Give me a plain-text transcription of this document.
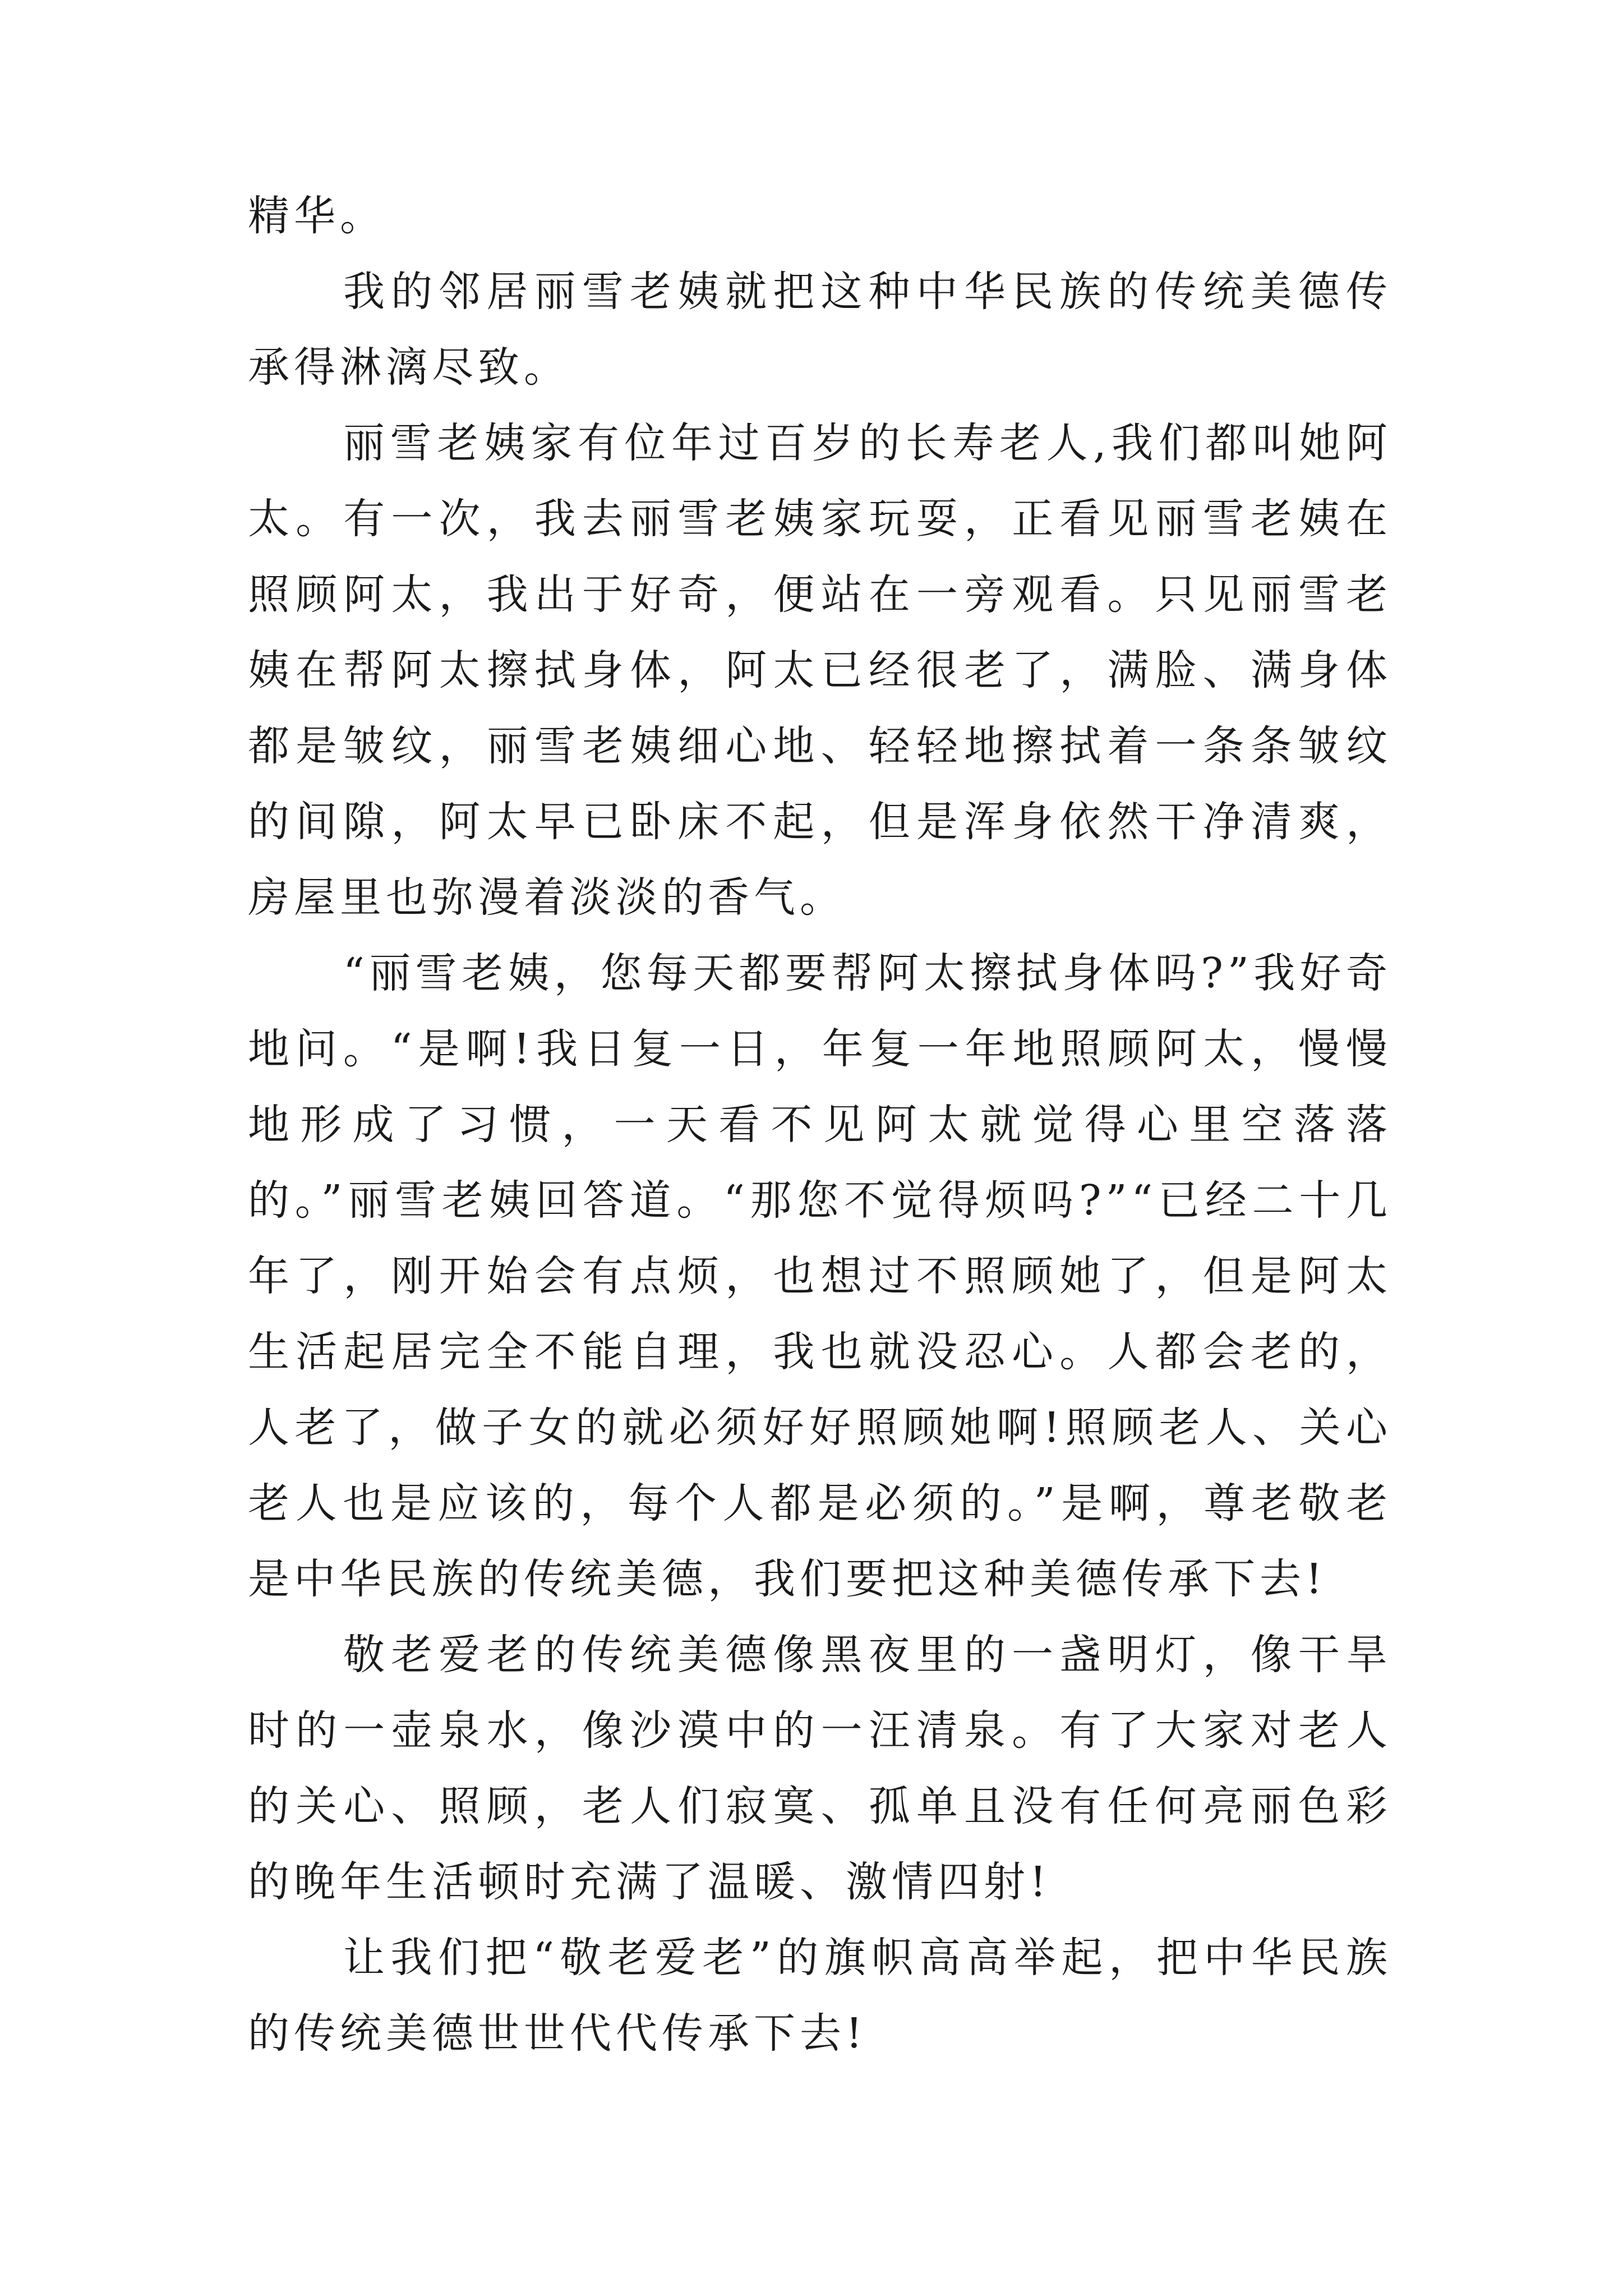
精华。

我的邻居丽雪老姨就把这种中华民族的传统美德传承得淋漓尽致。

丽雪老姨家有位年过百岁的长寿老人,我们都叫她阿太。有一次，我去丽雪老姨家玩耍，正看见丽雪老姨在照顾阿太，我出于好奇，便站在一旁观看。只见丽雪老姨在帮阿太擦拭身体，阿太已经很老了，满脸、满身体都是皱纹，丽雪老姨细心地、轻轻地擦拭着一条条皱纹的间隙，阿太早已卧床不起，但是浑身依然干净清爽，房屋里也弥漫着淡淡的香气。

“丽雪老姨，您每天都要帮阿太擦拭身体吗?”我好奇地问。“是啊!我日复一日，年复一年地照顾阿太，慢慢地形成了习惯，一天看不见阿太就觉得心里空落落的。”丽雪老姨回答道。“那您不觉得烦吗?”“已经二十几年了，刚开始会有点烦，也想过不照顾她了，但是阿太生活起居完全不能自理，我也就没忍心。人都会老的，人老了，做子女的就必须好好照顾她啊!照顾老人、关心老人也是应该的，每个人都是必须的。”是啊，尊老敬老是中华民族的传统美德，我们要把这种美德传承下去!

敬老爱老的传统美德像黑夜里的一盏明灯，像干旱时的一壶泉水，像沙漠中的一汪清泉。有了大家对老人的关心、照顾，老人们寂寞、孤单且没有任何亮丽色彩的晚年生活顿时充满了温暖、激情四射!

让我们把“敬老爱老”的旗帜高高举起，把中华民族的传统美德世世代代传承下去!
